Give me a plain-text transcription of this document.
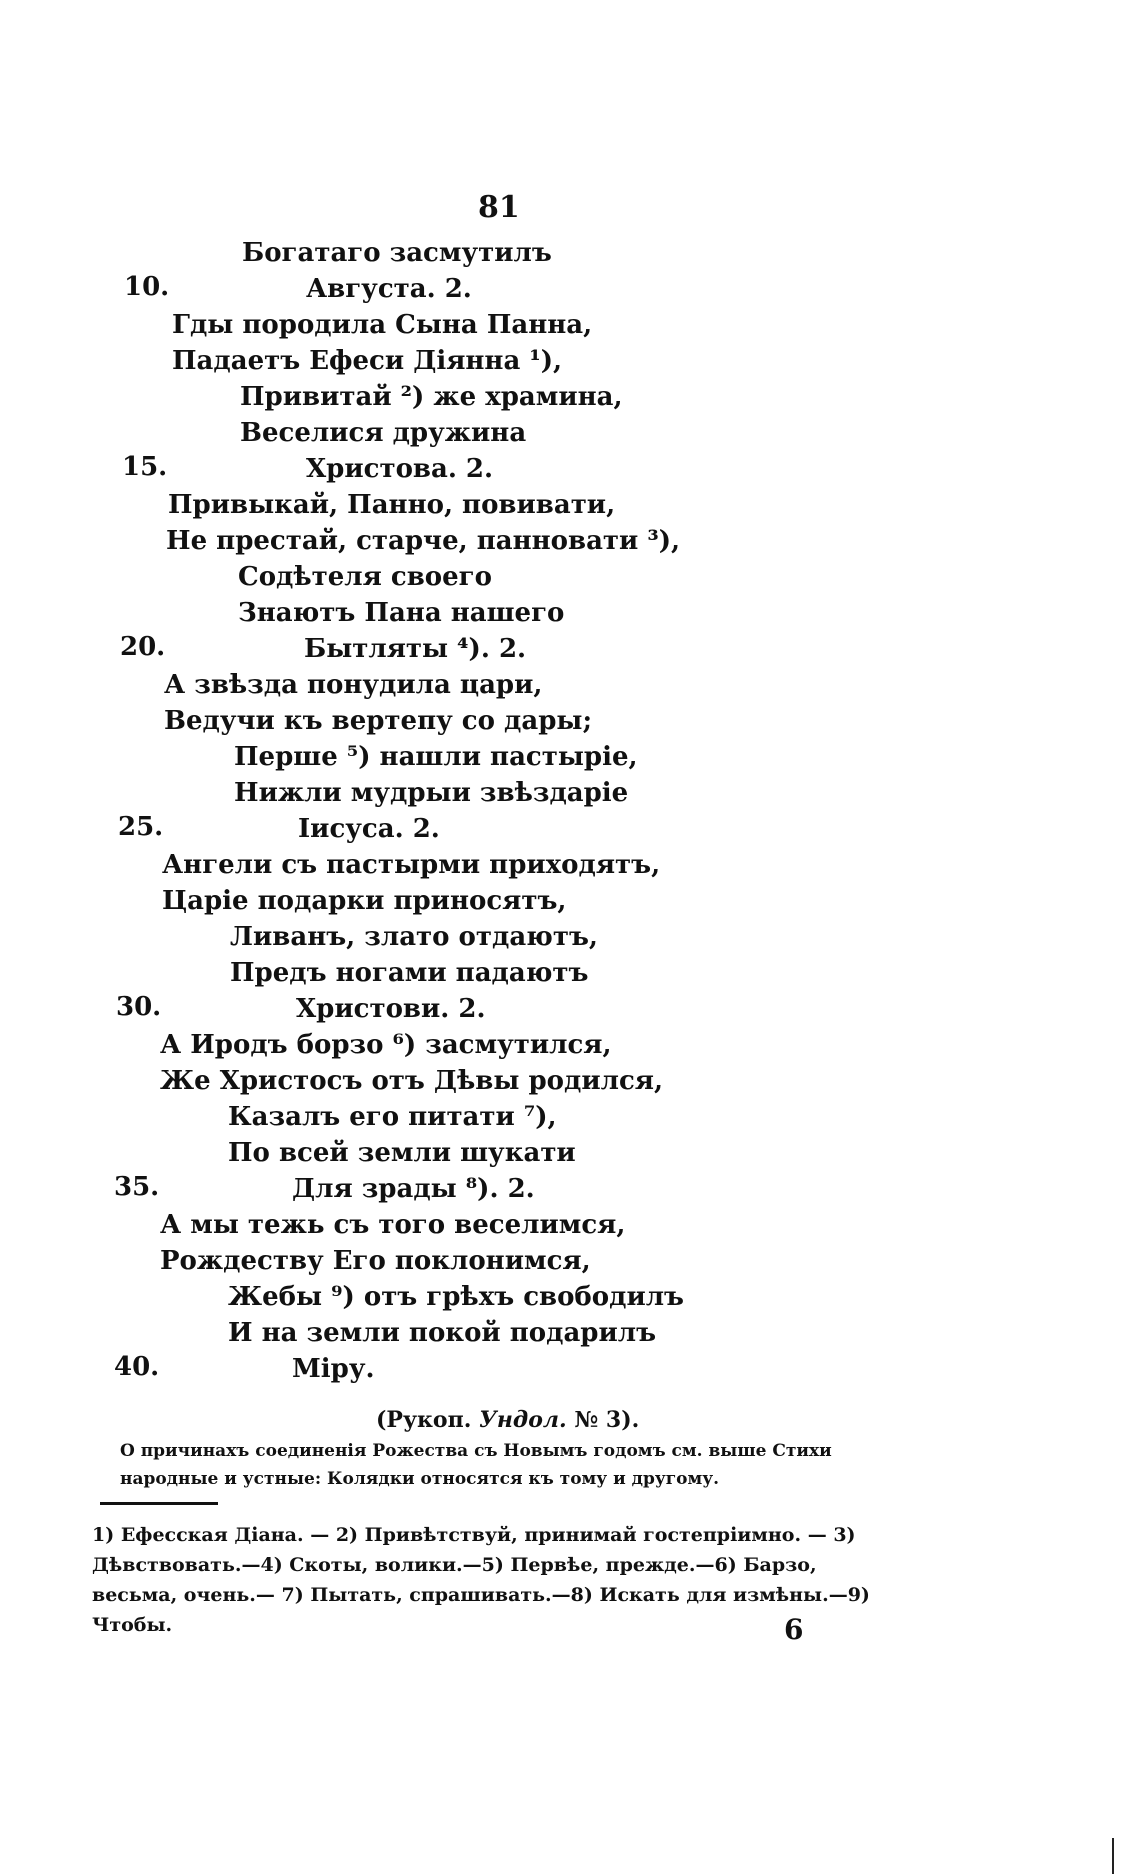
81
Богатаго засмутилъ
Августа. 2.
Гды породила Сына Панна,
Падаетъ Ефеси Діянна ¹),
Привитай ²) же храмина,
Веселися дружина
Христова. 2.
Привыкай, Панно, повивати,
Не престай, старче, панновати ³),
Содѣтеля своего
Знаютъ Пана нашего
Бытляты ⁴). 2.
А звѣзда понудила цари,
Ведучи къ вертепу со дары;
Перше ⁵) нашли пастыріе,
Нижли мудрыи звѣздаріе
Іисуса. 2.
Ангели съ пастырми приходятъ,
Царіе подарки приносятъ,
Ливанъ, злато отдаютъ,
Предъ ногами падаютъ
Христови. 2.
А Иродъ борзо ⁶) засмутился,
Же Христосъ отъ Дѣвы родился,
Казалъ его питати ⁷),
По всей земли шукати
Для зрады ⁸). 2.
А мы тежь съ того веселимся,
Рождеству Его поклонимся,
Жебы ⁹) отъ грѣхъ свободилъ
И на земли покой подарилъ
Міру.
10.
15.
20.
25.
30.
35.
40.
(Рукоп. Ундол. № 3).
О причинахъ соединенія Рожества съ Новымъ годомъ см. выше Стихи народные и устные: Колядки относятся къ тому и другому.
1) Ефесская Діана. — 2) Привѣтствуй, принимай гостепріимно. — 3) Дѣвствовать.—4) Скоты, волики.—5) Первѣе, прежде.—6) Барзо, весьма, очень.— 7) Пытать, спрашивать.—8) Искать для измѣны.—9) Чтобы.	6
